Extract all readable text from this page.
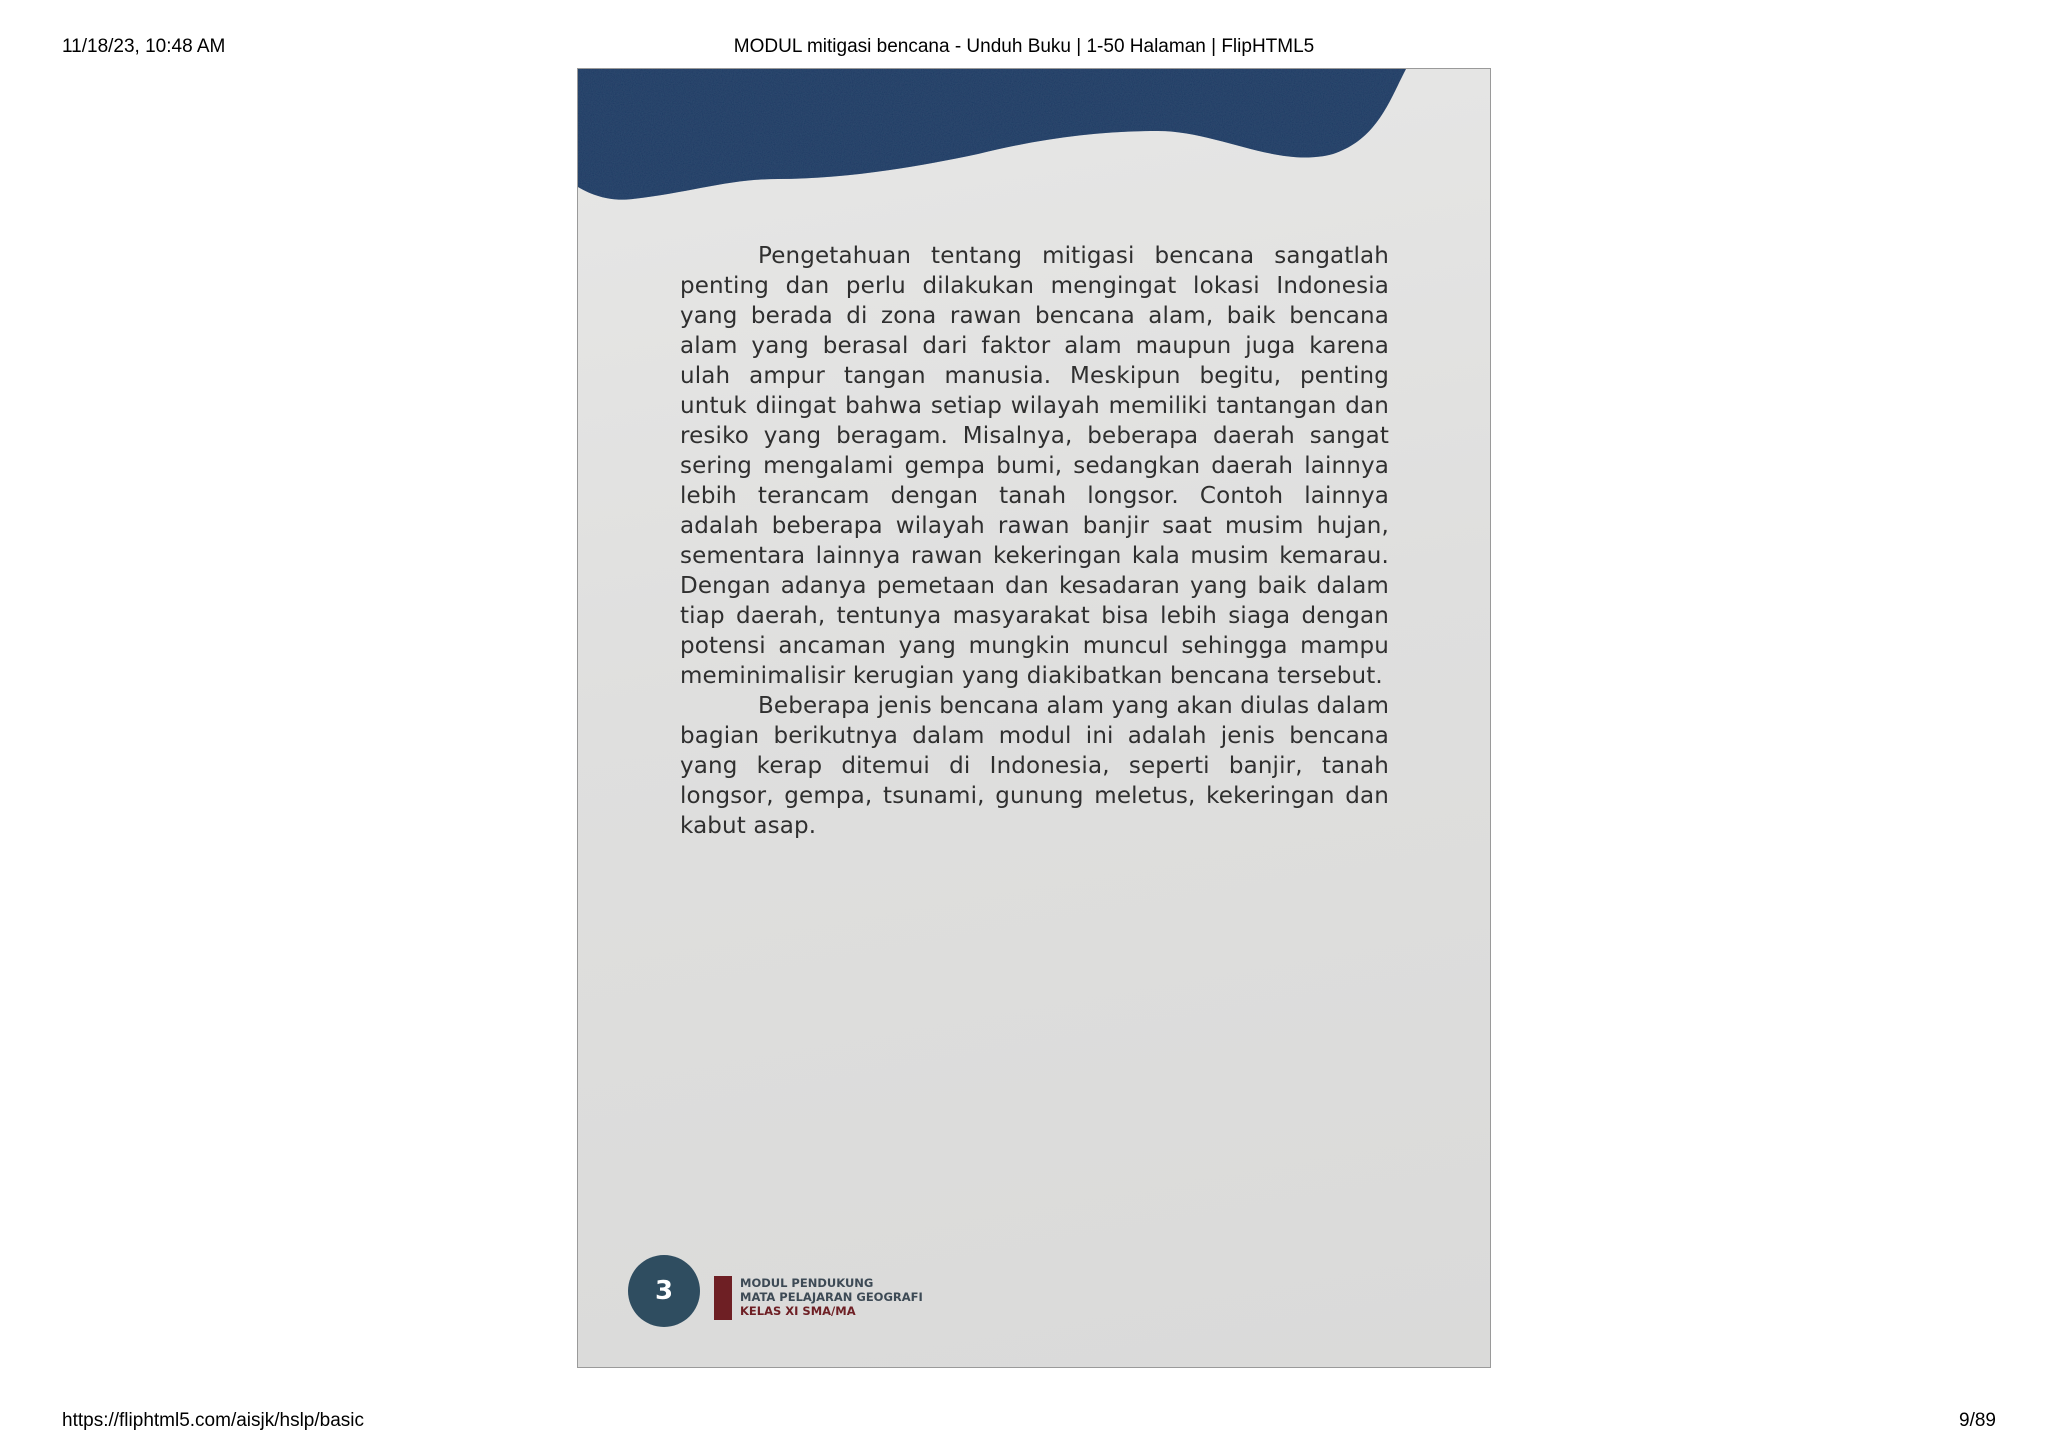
11/18/23, 10:48 AM	MODUL mitigasi bencana - Unduh Buku | 1-50 Halaman | FlipHTML5

Pengetahuan tentang mitigasi bencana sangatlah penting dan perlu dilakukan mengingat lokasi Indonesia yang berada di zona rawan bencana alam, baik bencana alam yang berasal dari faktor alam maupun juga karena ulah ampur tangan manusia. Meskipun begitu, penting untuk diingat bahwa setiap wilayah memiliki tantangan dan resiko yang beragam. Misalnya, beberapa daerah sangat sering mengalami gempa bumi, sedangkan daerah lainnya lebih terancam dengan tanah longsor. Contoh lainnya adalah beberapa wilayah rawan banjir saat musim hujan, sementara lainnya rawan kekeringan kala musim kemarau. Dengan adanya pemetaan dan kesadaran yang baik dalam tiap daerah, tentunya masyarakat bisa lebih siaga dengan potensi ancaman yang mungkin muncul sehingga mampu meminimalisir kerugian yang diakibatkan bencana tersebut.

Beberapa jenis bencana alam yang akan diulas dalam bagian berikutnya dalam modul ini adalah jenis bencana yang kerap ditemui di Indonesia, seperti banjir, tanah longsor, gempa, tsunami, gunung meletus, kekeringan dan kabut asap.

3	MODUL PENDUKUNG
MATA PELAJARAN GEOGRAFI
KELAS XI SMA/MA
https://fliphtml5.com/aisjk/hslp/basic	9/89
